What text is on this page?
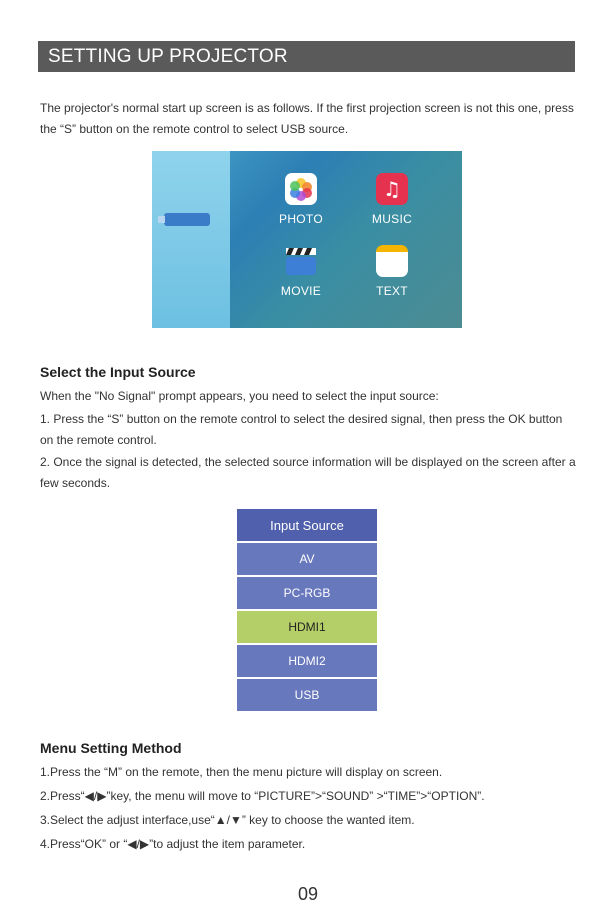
SETTING UP PROJECTOR
The projector's normal start up screen is as follows. If the first projection screen is not this one, press the “S” button on the remote control to select USB source.
PHOTO
♫
MUSIC
MOVIE	TEXT
Select the Input Source
When the "No Signal" prompt appears, you need to select the input source:
1. Press the “S” button on the remote control to select the desired signal, then press the OK button on the remote control.
2. Once the signal is detected, the selected source information will be displayed on the screen after a few seconds.
Input Source
AV
PC-RGB
HDMI1
HDMI2
USB
Menu Setting Method
1.Press the “M” on the remote, then the menu picture will display on screen.
2.Press“◀/▶”key, the menu will move to “PICTURE”>“SOUND” >“TIME”>“OPTION”.
3.Select the adjust interface,use“▲/▼” key to choose the wanted item.
4.Press“OK” or “◀/▶”to adjust the item parameter.
09
